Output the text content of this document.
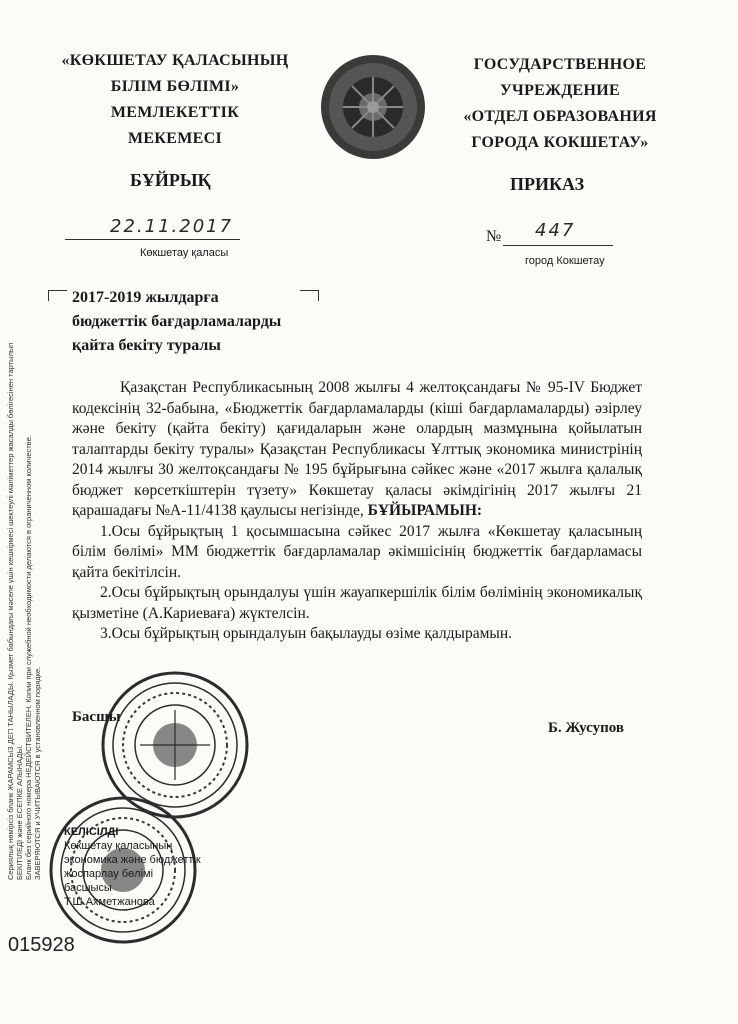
«КӨКШЕТАУ ҚАЛАСЫНЫҢ
БІЛІМ БӨЛІМІ»
МЕМЛЕКЕТТІК
МЕКЕМЕСІ
ГОСУДАРСТВЕННОЕ
УЧРЕЖДЕНИЕ
«ОТДЕЛ ОБРАЗОВАНИЯ
ГОРОДА КОКШЕТАУ»
БҰЙРЫҚ	ПРИКАЗ
22.11.2017
Көкшетау қаласы
№ 447
город Кокшетау
2017-2019 жылдарға
бюджеттік бағдарламаларды
қайта бекіту туралы

Қазақстан Республикасының 2008 жылғы 4 желтоқсандағы № 95-IV Бюджет кодексінің 32-бабына, «Бюджеттік бағдарламаларды (кіші бағдарламаларды) әзірлеу және бекіту (қайта бекіту) қағидаларын және олардың мазмұнына қойылатын талаптарды бекіту туралы» Қазақстан Республикасы Ұлттық экономика министрінің 2014 жылғы 30 желтоқсандағы № 195 бұйрығына сәйкес және «2017 жылға қалалық бюджет көрсеткіштерін түзету» Көкшетау қаласы әкімдігінің 2017 жылғы 21 қарашадағы №А-11/4138 қаулысы негізінде, БҰЙЫРАМЫН:

1.Осы бұйрықтың 1 қосымшасына сәйкес 2017 жылға «Көкшетау қаласының білім бөлімі» ММ бюджеттік бағдарламалар әкімшісінің бюджеттік бағдарламасы қайта бекітілсін.

2.Осы бұйрықтың орындалуы үшін жауапкершілік білім бөлімінің экономикалық қызметіне (А.Кариеваға) жүктелсін.

3.Осы бұйрықтың орындалуын бақылауды өзіме қалдырамын.

Басшы
Б. Жусупов
КЕЛІСІЛДІ
Көкшетау қаласының
экономика және бюджеттік
жоспарлау бөлімі
басшысы
Т.Ш.Ахметжанова
Сериялық нөмірсіз бланк ЖАРАМСЫЗ ДЕП ТАНЫЛАДЫ. Қызмет бабындағы мәселе үшін кешкірмесі шектеулі мәліметтер жасалды бөлігесінен тартылып БЕКІТІЛЕДІ және ЕСЕПКЕ АЛЫНАДЫ. Бланк без серийного номера НЕДЕЙСТВИТЕЛЕН. Копии при служебной необходимости делаются в ограниченном количестве. ЗАВЕРЯЮТСЯ и УЧИТЫВАЮТСЯ в установленном порядке.
015928
